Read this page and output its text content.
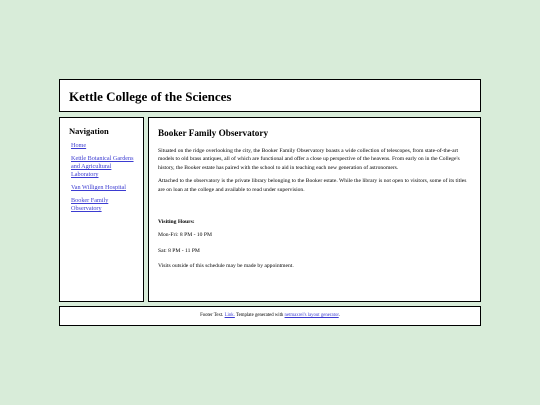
Kettle College of the Sciences
Navigation
Home
Kettle Botanical Gardens and Agricultural Laboratory
Van Willigen Hospital
Booker Family Observatory
Booker Family Observatory

Situated on the ridge overlooking the city, the Booker Family Observatory boasts a wide collection of telescopes, from state-of-the-art models to old brass antiques, all of which are functional and offer a close up perspective of the heavens. From early on in the College's history, the Booker estate has paired with the school to aid in teaching each new generation of astronomers.

Attached to the observatory is the private library belonging to the Booker estate. While the library is not open to visitors, some of its titles are on loan at the college and available to read under supervision.

Visiting Hours:

Mon-Fri: 8 PM - 10 PM

Sat: 8 PM - 11 PM

Visits outside of this schedule may be made by appointment.

Footer Text. Link. Template generated with netmaxrel's layout generator.
